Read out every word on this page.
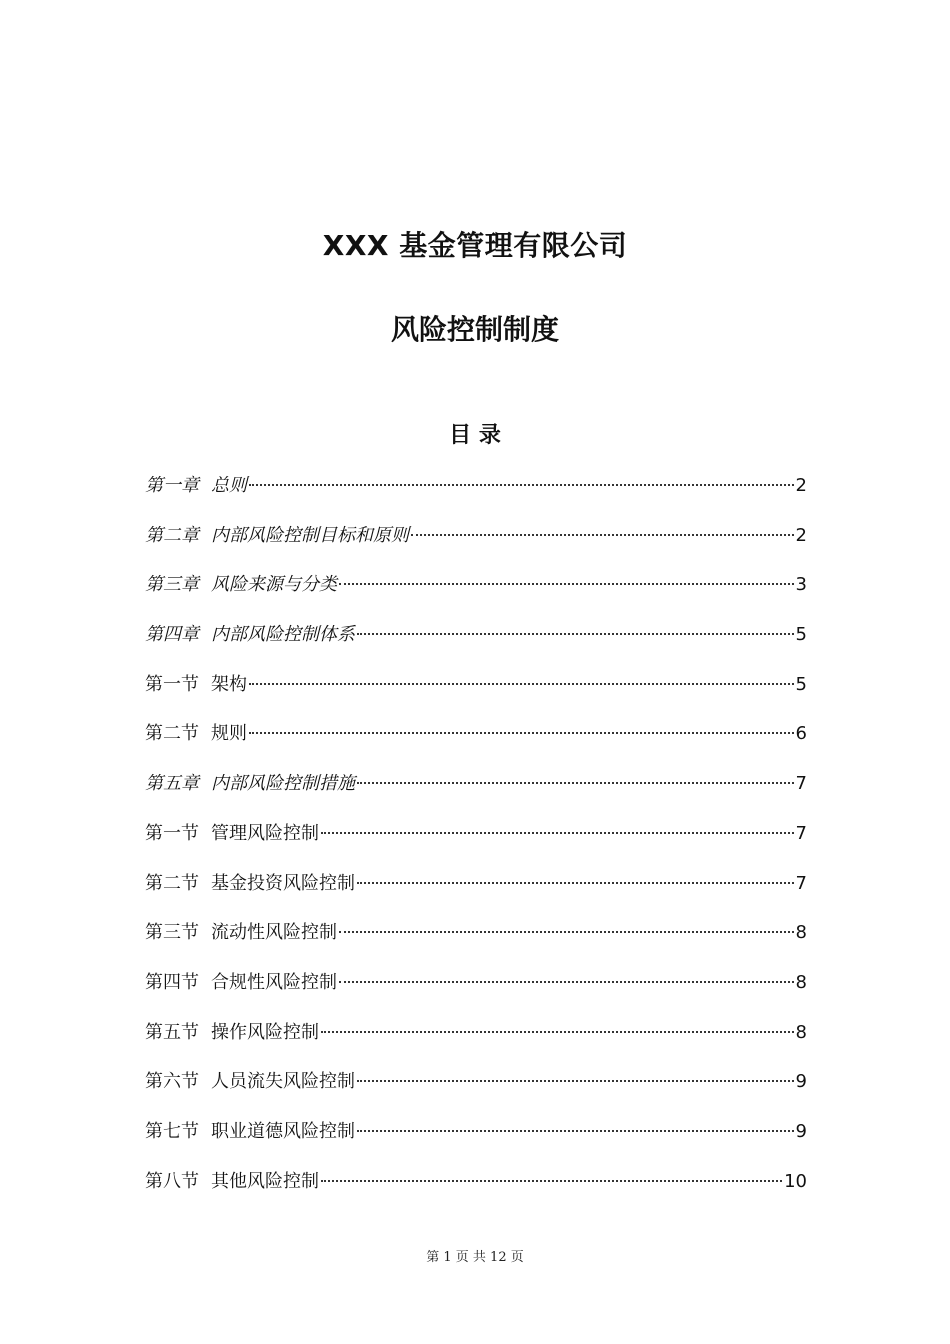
XXX 基金管理有限公司
风险控制制度
目 录
第一章 总则	2
第二章 内部风险控制目标和原则	2
第三章 风险来源与分类	3
第四章 内部风险控制体系	5
第一节 架构	5
第二节 规则	6
第五章 内部风险控制措施	7
第一节 管理风险控制	7
第二节 基金投资风险控制	7
第三节 流动性风险控制	8
第四节 合规性风险控制	8
第五节 操作风险控制	8
第六节 人员流失风险控制	9
第七节 职业道德风险控制	9
第八节 其他风险控制	10
第 1 页 共 12 页
